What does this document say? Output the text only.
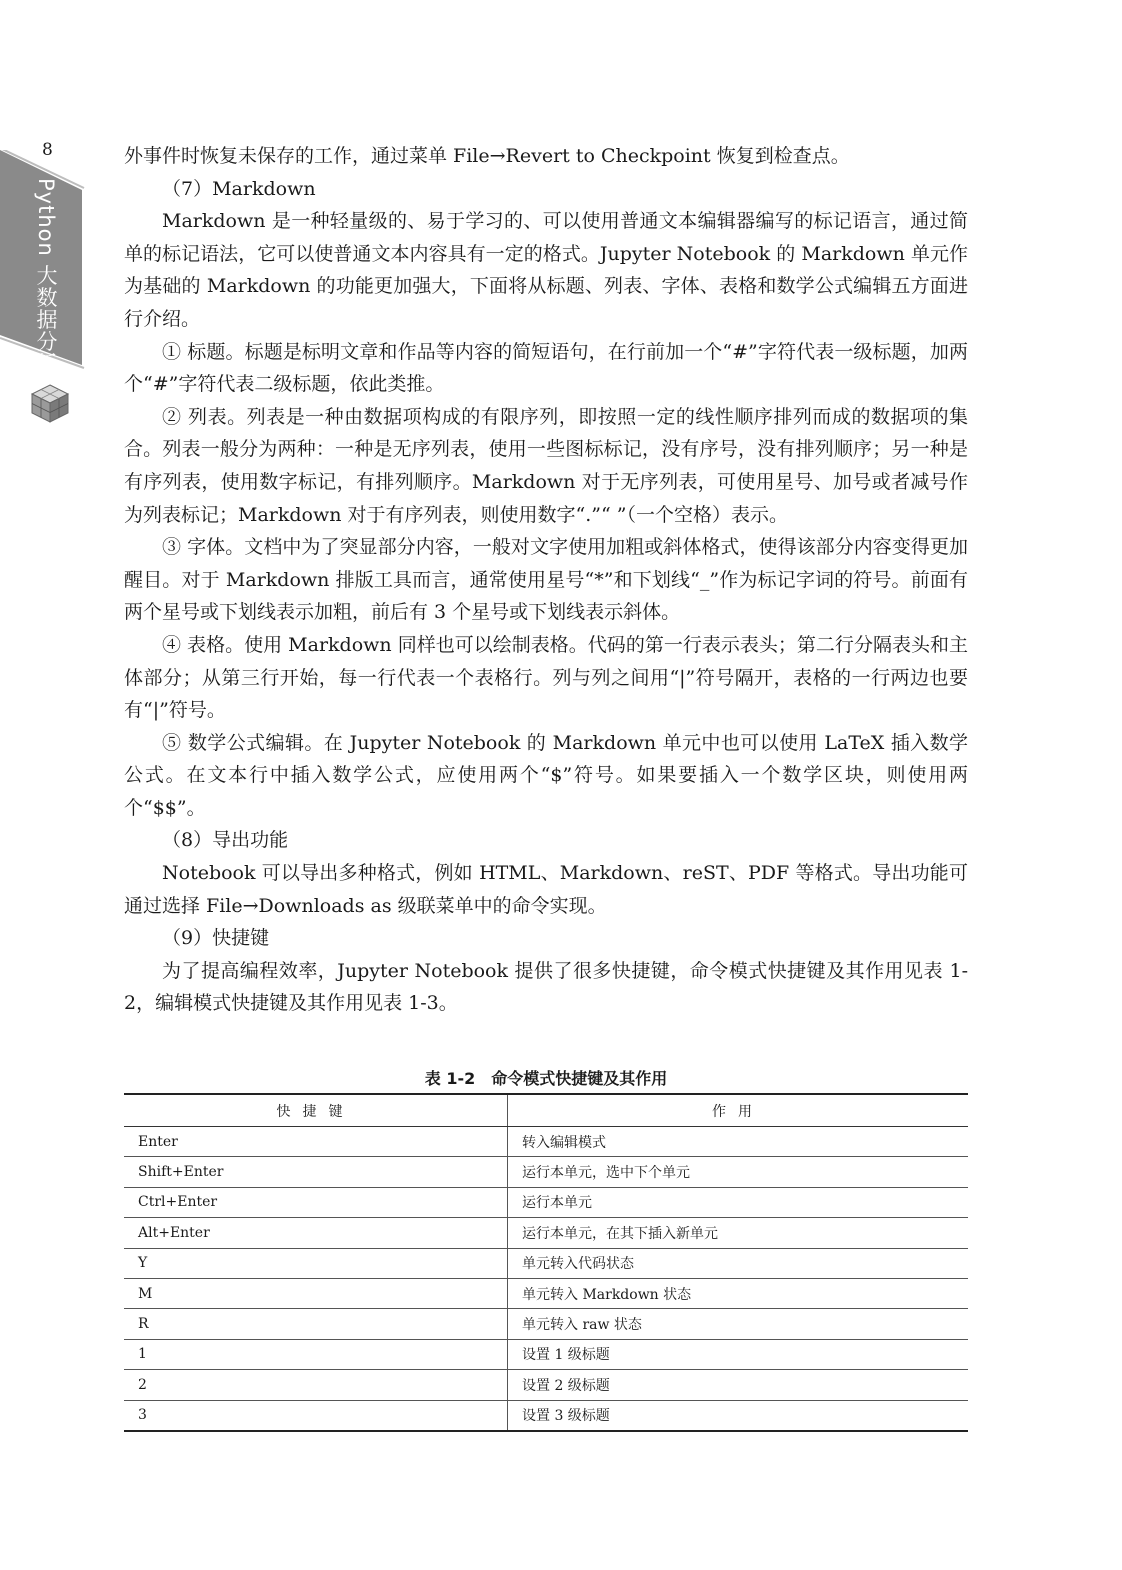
8
Python 大数据分析

外事件时恢复未保存的工作，通过菜单 File→Revert to Checkpoint 恢复到检查点。

（7）Markdown

Markdown 是一种轻量级的、易于学习的、可以使用普通文本编辑器编写的标记语言，通过简单的标记语法，它可以使普通文本内容具有一定的格式。Jupyter Notebook 的 Markdown 单元作为基础的 Markdown 的功能更加强大，下面将从标题、列表、字体、表格和数学公式编辑五方面进行介绍。

① 标题。标题是标明文章和作品等内容的简短语句，在行前加一个“#”字符代表一级标题，加两个“#”字符代表二级标题，依此类推。

② 列表。列表是一种由数据项构成的有限序列，即按照一定的线性顺序排列而成的数据项的集合。列表一般分为两种：一种是无序列表，使用一些图标标记，没有序号，没有排列顺序；另一种是有序列表，使用数字标记，有排列顺序。Markdown 对于无序列表，可使用星号、加号或者减号作为列表标记；Markdown 对于有序列表，则使用数字“.”“ ”（一个空格）表示。

③ 字体。文档中为了突显部分内容，一般对文字使用加粗或斜体格式，使得该部分内容变得更加醒目。对于 Markdown 排版工具而言，通常使用星号“*”和下划线“_”作为标记字词的符号。前面有两个星号或下划线表示加粗，前后有 3 个星号或下划线表示斜体。

④ 表格。使用 Markdown 同样也可以绘制表格。代码的第一行表示表头；第二行分隔表头和主体部分；从第三行开始，每一行代表一个表格行。列与列之间用“|”符号隔开，表格的一行两边也要有“|”符号。

⑤ 数学公式编辑。在 Jupyter Notebook 的 Markdown 单元中也可以使用 LaTeX 插入数学公式。在文本行中插入数学公式，应使用两个“$”符号。如果要插入一个数学区块，则使用两个“$$”。

（8）导出功能

Notebook 可以导出多种格式，例如 HTML、Markdown、reST、PDF 等格式。导出功能可通过选择 File→Downloads as 级联菜单中的命令实现。

（9）快捷键

为了提高编程效率，Jupyter Notebook 提供了很多快捷键，命令模式快捷键及其作用见表 1-2，编辑模式快捷键及其作用见表 1-3。

表 1-2　命令模式快捷键及其作用
快捷键	作用
Enter	转入编辑模式
Shift+Enter	运行本单元，选中下个单元
Ctrl+Enter	运行本单元
Alt+Enter	运行本单元，在其下插入新单元
Y	单元转入代码状态
M	单元转入 Markdown 状态
R	单元转入 raw 状态
1	设置 1 级标题
2	设置 2 级标题
3	设置 3 级标题
